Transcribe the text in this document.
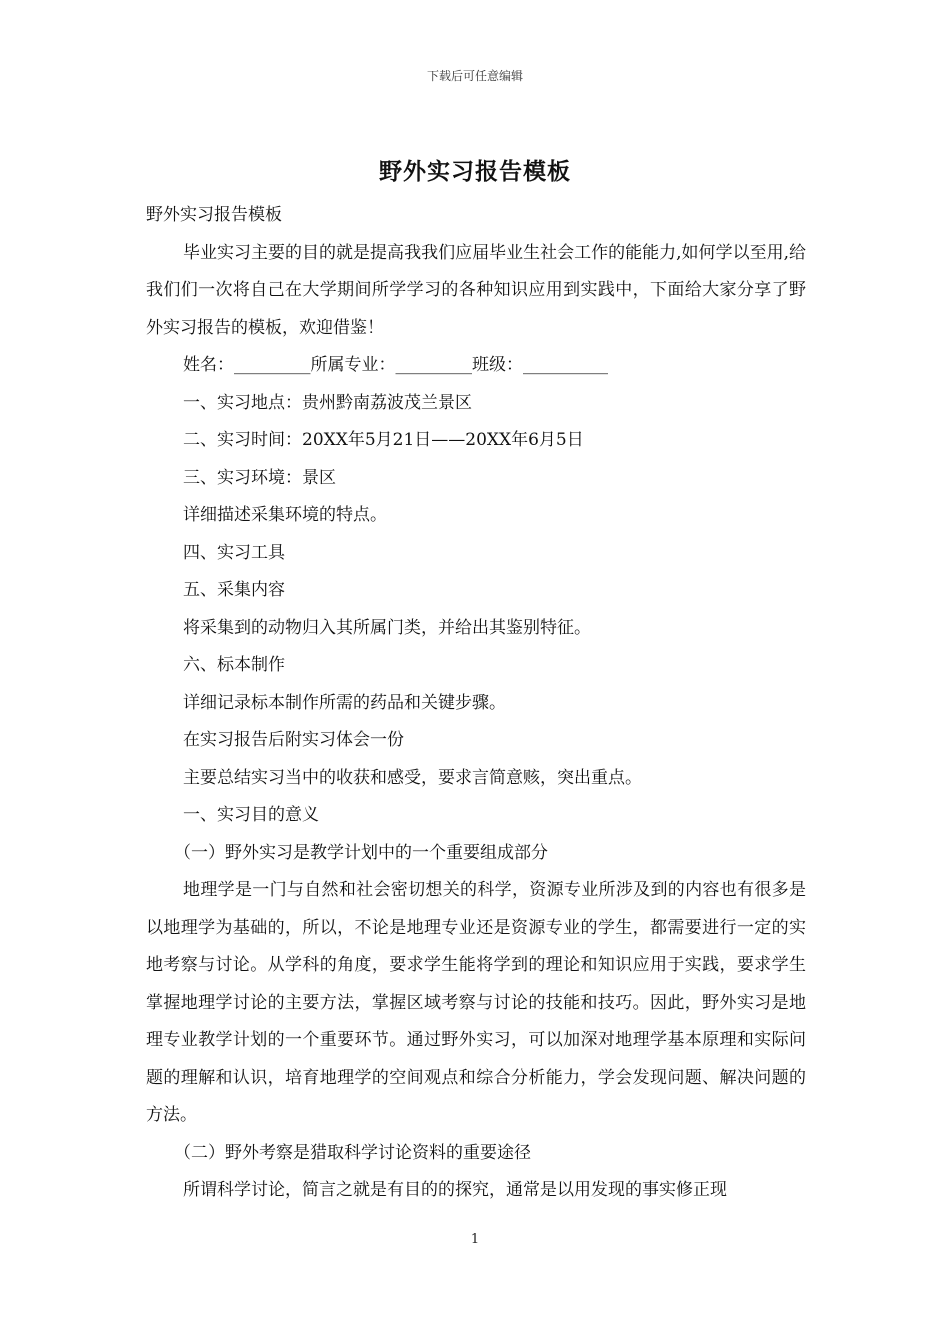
下载后可任意编辑
野外实习报告模板

野外实习报告模板

毕业实习主要的目的就是提高我我们应届毕业生社会工作的能能力,如何学以至用,给我们们一次将自己在大学期间所学学习的各种知识应用到实践中，下面给大家分享了野外实习报告的模板，欢迎借鉴！

姓名：_________所属专业：_________班级：__________

一、实习地点：贵州黔南荔波茂兰景区

二、实习时间：20XX年5月21日——20XX年6月5日

三、实习环境：景区

详细描述采集环境的特点。

四、实习工具

五、采集内容

将采集到的动物归入其所属门类，并给出其鉴别特征。

六、标本制作

详细记录标本制作所需的药品和关键步骤。

在实习报告后附实习体会一份

主要总结实习当中的收获和感受，要求言简意赅，突出重点。

一、实习目的意义

（一）野外实习是教学计划中的一个重要组成部分

地理学是一门与自然和社会密切想关的科学，资源专业所涉及到的内容也有很多是以地理学为基础的，所以，不论是地理专业还是资源专业的学生，都需要进行一定的实地考察与讨论。从学科的角度，要求学生能将学到的理论和知识应用于实践，要求学生掌握地理学讨论的主要方法，掌握区域考察与讨论的技能和技巧。因此，野外实习是地理专业教学计划的一个重要环节。通过野外实习，可以加深对地理学基本原理和实际问题的理解和认识，培育地理学的空间观点和综合分析能力，学会发现问题、解决问题的方法。

（二）野外考察是猎取科学讨论资料的重要途径

所谓科学讨论，简言之就是有目的的探究，通常是以用发现的事实修正现

1
